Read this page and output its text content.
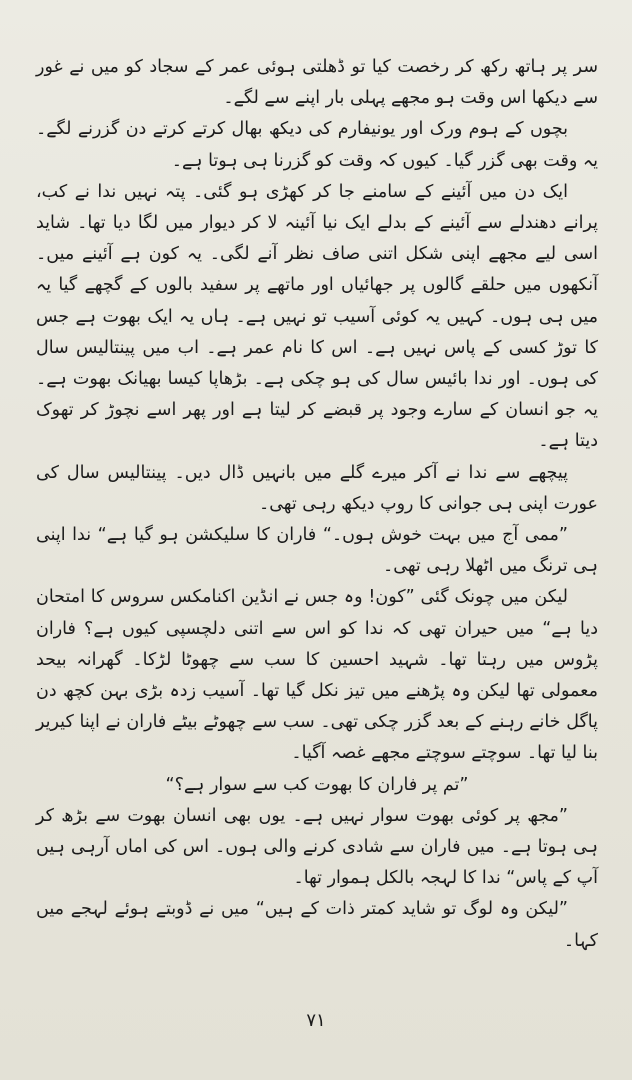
سر پر ہاتھ رکھ کر رخصت کیا تو ڈھلتی ہوئی عمر کے سجاد کو میں نے غور سے دیکھا اس وقت ہو مجھے پہلی بار اپنے سے لگے۔

بچوں کے ہوم ورک اور یونیفارم کی دیکھ بھال کرتے کرتے دن گزرنے لگے۔ یہ وقت بھی گزر گیا۔ کیوں کہ وقت کو گزرنا ہی ہوتا ہے۔

ایک دن میں آئینے کے سامنے جا کر کھڑی ہو گئی۔ پتہ نہیں ندا نے کب، پرانے دھندلے سے آئینے کے بدلے ایک نیا آئینہ لا کر دیوار میں لگا دیا تھا۔ شاید اسی لیے مجھے اپنی شکل اتنی صاف نظر آنے لگی۔ یہ کون ہے آئینے میں۔ آنکھوں میں حلقے گالوں پر جھائیاں اور ماتھے پر سفید بالوں کے گچھے گیا یہ میں ہی ہوں۔ کہیں یہ کوئی آسیب تو نہیں ہے۔ ہاں یہ ایک بھوت ہے جس کا توڑ کسی کے پاس نہیں ہے۔ اس کا نام عمر ہے۔ اب میں پینتالیس سال کی ہوں۔ اور ندا بائیس سال کی ہو چکی ہے۔ بڑھاپا کیسا بھیانک بھوت ہے۔ یہ جو انسان کے سارے وجود پر قبضے کر لیتا ہے اور پھر اسے نچوڑ کر تھوک دیتا ہے۔

پیچھے سے ندا نے آکر میرے گلے میں بانہیں ڈال دیں۔ پینتالیس سال کی عورت اپنی ہی جوانی کا روپ دیکھ رہی تھی۔

”ممی آج میں بہت خوش ہوں۔“ فاران کا سلیکشن ہو گیا ہے“ ندا اپنی ہی ترنگ میں اٹھلا رہی تھی۔

لیکن میں چونک گئی ”کون! وہ جس نے انڈین اکنامکس سروس کا امتحان دیا ہے“ میں حیران تھی کہ ندا کو اس سے اتنی دلچسپی کیوں ہے؟ فاران پڑوس میں رہتا تھا۔ شہید احسین کا سب سے چھوٹا لڑکا۔ گھرانہ بیحد معمولی تھا لیکن وہ پڑھنے میں تیز نکل گیا تھا۔ آسیب زدہ بڑی بہن کچھ دن پاگل خانے رہنے کے بعد گزر چکی تھی۔ سب سے چھوٹے بیٹے فاران نے اپنا کیریر بنا لیا تھا۔ سوچتے سوچتے مجھے غصہ آگیا۔

”تم پر فاران کا بھوت کب سے سوار ہے؟“

”مجھ پر کوئی بھوت سوار نہیں ہے۔ یوں بھی انسان بھوت سے بڑھ کر ہی ہوتا ہے۔ میں فاران سے شادی کرنے والی ہوں۔ اس کی اماں آرہی ہیں آپ کے پاس“ ندا کا لہجہ بالکل ہموار تھا۔

”لیکن وہ لوگ تو شاید کمتر ذات کے ہیں“ میں نے ڈوبتے ہوئے لہجے میں کہا۔

۷۱
